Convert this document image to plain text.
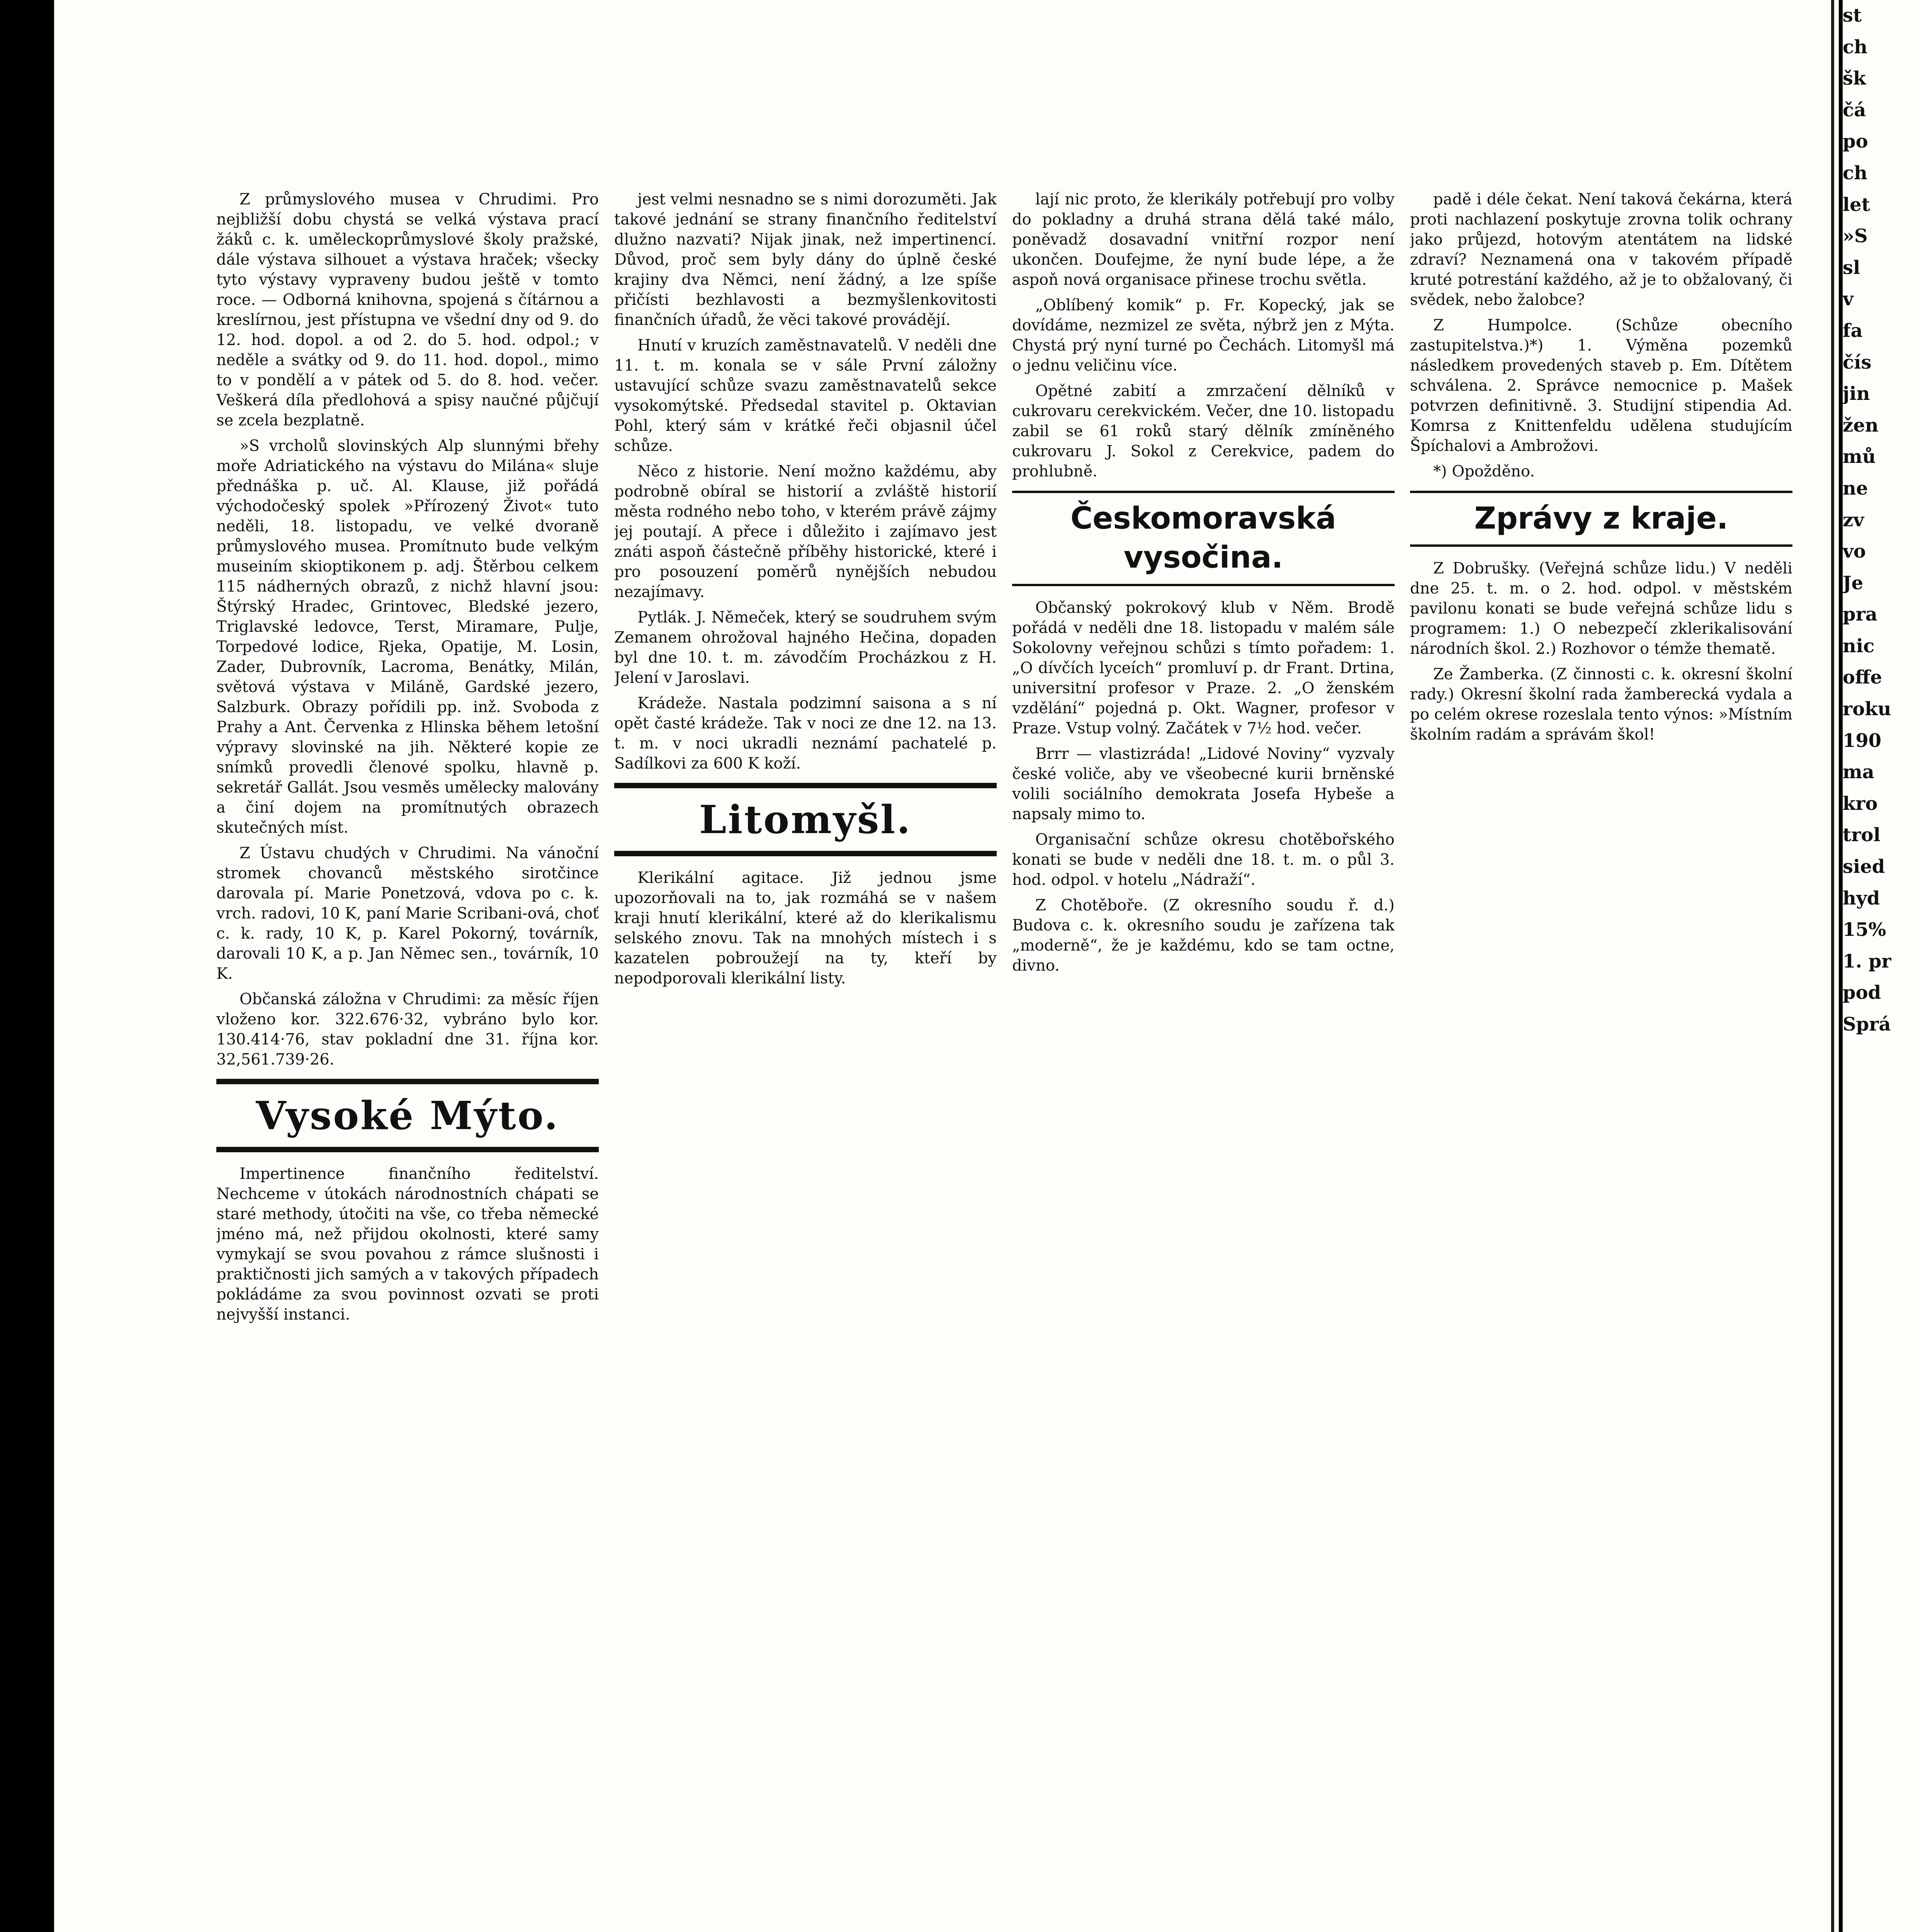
Z průmyslového musea v Chrudimi. Pro nejbližší dobu chystá se velká výstava prací žáků c. k. uměleckoprůmyslové školy pražské, dále výstava silhouet a výstava hraček; všecky tyto výstavy vypraveny budou ještě v tomto roce. — Odborná knihovna, spojená s čítárnou a kreslírnou, jest přístupna ve všední dny od 9. do 12. hod. dopol. a od 2. do 5. hod. odpol.; v neděle a svátky od 9. do 11. hod. dopol., mimo to v pondělí a v pátek od 5. do 8. hod. večer. Veškerá díla předlohová a spisy naučné půjčují se zcela bezplatně.

»S vrcholů slovinských Alp slunnými břehy moře Adriatického na výstavu do Milána« sluje přednáška p. uč. Al. Klause, již pořádá východočeský spolek »Přírozený Život« tuto neděli, 18. listopadu, ve velké dvoraně průmyslového musea. Promítnuto bude velkým museiním skioptikonem p. adj. Štěrbou celkem 115 nádherných obrazů, z nichž hlavní jsou: Štýrský Hradec, Grintovec, Bledské jezero, Triglavské ledovce, Terst, Miramare, Pulje, Torpedové lodice, Rjeka, Opatije, M. Losin, Zader, Dubrovník, Lacroma, Benátky, Milán, světová výstava v Miláně, Gardské jezero, Salzburk. Obrazy pořídili pp. inž. Svoboda z Prahy a Ant. Červenka z Hlinska během letošní výpravy slovinské na jih. Některé kopie ze snímků provedli členové spolku, hlavně p. sekretář Gallát. Jsou vesměs umělecky malovány a činí dojem na promítnutých obrazech skutečných míst.

Z Ústavu chudých v Chrudimi. Na vánoční stromek chovanců městského sirotčince darovala pí. Marie Ponetzová, vdova po c. k. vrch. radovi, 10 K, paní Marie Scribani-ová, choť c. k. rady, 10 K, p. Karel Pokorný, továrník, darovali 10 K, a p. Jan Němec sen., továrník, 10 K.

Občanská záložna v Chrudimi: za měsíc říjen vloženo kor. 322.676·32, vybráno bylo kor. 130.414·76, stav pokladní dne 31. října kor. 32,561.739·26.

Vysoké Mýto.

Impertinence finančního ředitelství. Nechceme v útokách národnostních chápati se staré methody, útočiti na vše, co třeba německé jméno má, než přijdou okolnosti, které samy vymykají se svou povahou z rámce slušnosti i praktičnosti jich samých a v takových případech pokládáme za svou povinnost ozvati se proti nejvyšší instanci.

jest velmi nesnadno se s nimi dorozuměti. Jak takové jednání se strany finančního ředitelství dlužno nazvati? Nijak jinak, než impertinencí. Důvod, proč sem byly dány do úplně české krajiny dva Němci, není žádný, a lze spíše přičísti bezhlavosti a bezmyšlenkovitosti finančních úřadů, že věci takové provádějí.

Hnutí v kruzích zaměstnavatelů. V neděli dne 11. t. m. konala se v sále První záložny ustavující schůze svazu zaměstnavatelů sekce vysokomýtské. Předsedal stavitel p. Oktavian Pohl, který sám v krátké řeči objasnil účel schůze.

Něco z historie. Není možno každému, aby podrobně obíral se historií a zvláště historií města rodného nebo toho, v kterém právě zájmy jej poutají. A přece i důležito i zajímavo jest znáti aspoň částečně příběhy historické, které i pro posouzení poměrů nynějších nebudou nezajímavy.

Pytlák. J. Němeček, který se soudruhem svým Zemanem ohrožoval hajného Hečina, dopaden byl dne 10. t. m. závodčím Procházkou z H. Jelení v Jaroslavi.

Krádeže. Nastala podzimní saisona a s ní opět časté krádeže. Tak v noci ze dne 12. na 13. t. m. v noci ukradli neznámí pachatelé p. Sadílkovi za 600 K koží.

Litomyšl.

Klerikální agitace. Již jednou jsme upozorňovali na to, jak rozmáhá se v našem kraji hnutí klerikální, které až do klerikalismu selského znovu. Tak na mnohých místech i s kazatelen pobroužejí na ty, kteří by nepodporovali klerikální listy.

lají nic proto, že klerikály potřebují pro volby do pokladny a druhá strana dělá také málo, poněvadž dosavadní vnitřní rozpor není ukončen. Doufejme, že nyní bude lépe, a že aspoň nová organisace přinese trochu světla.

„Oblíbený komik“ p. Fr. Kopecký, jak se dovídáme, nezmizel ze světa, nýbrž jen z Mýta. Chystá prý nyní turné po Čechách. Litomyšl má o jednu veličinu více.

Opětné zabití a zmrzačení dělníků v cukrovaru cerekvickém. Večer, dne 10. listopadu zabil se 61 roků starý dělník zmíněného cukrovaru J. Sokol z Cerekvice, padem do prohlubně.

Českomoravská vysočina.

Občanský pokrokový klub v Něm. Brodě pořádá v neděli dne 18. listopadu v malém sále Sokolovny veřejnou schůzi s tímto pořadem: 1. „O dívčích lyceích“ promluví p. dr Frant. Drtina, universitní profesor v Praze. 2. „O ženském vzdělání“ pojedná p. Okt. Wagner, profesor v Praze. Vstup volný. Začátek v 7½ hod. večer.

Brrr — vlastizráda! „Lidové Noviny“ vyzvaly české voliče, aby ve všeobecné kurii brněnské volili sociálního demokrata Josefa Hybeše a napsaly mimo to.

Organisační schůze okresu chotěbořského konati se bude v neděli dne 18. t. m. o půl 3. hod. odpol. v hotelu „Nádraží“.

Z Chotěboře. (Z okresního soudu ř. d.) Budova c. k. okresního soudu je zařízena tak „moderně“, že je každému, kdo se tam octne, divno.

padě i déle čekat. Není taková čekárna, která proti nachlazení poskytuje zrovna tolik ochrany jako průjezd, hotovým atentátem na lidské zdraví? Neznamená ona v takovém případě kruté potrestání každého, až je to obžalovaný, či svědek, nebo žalobce?

Z Humpolce. (Schůze obecního zastupitelstva.)*) 1. Výměna pozemků následkem provedených staveb p. Em. Dítětem schválena. 2. Správce nemocnice p. Mašek potvrzen definitivně. 3. Studijní stipendia Ad. Komrsa z Knittenfeldu udělena studujícím Špíchalovi a Ambrožovi.

*) Opožděno.

Zprávy z kraje.

Z Dobrušky. (Veřejná schůze lidu.) V neděli dne 25. t. m. o 2. hod. odpol. v městském pavilonu konati se bude veřejná schůze lidu s programem: 1.) O nebezpečí zklerikalisování národních škol. 2.) Rozhovor o témže thematě.

Ze Žamberka. (Z činnosti c. k. okresní školní rady.) Okresní školní rada žamberecká vydala a po celém okrese rozeslala tento výnos: »Místním školním radám a správám škol!

st
ch
šk
čá
po
ch
let
»S
sl
v
fa
čís
jin
žen
mů
ne
zv
vo
Je
pra
nic
offe
roku
190
ma
kro
trol
sied
hyd
15%
1. pr
pod
Sprá
